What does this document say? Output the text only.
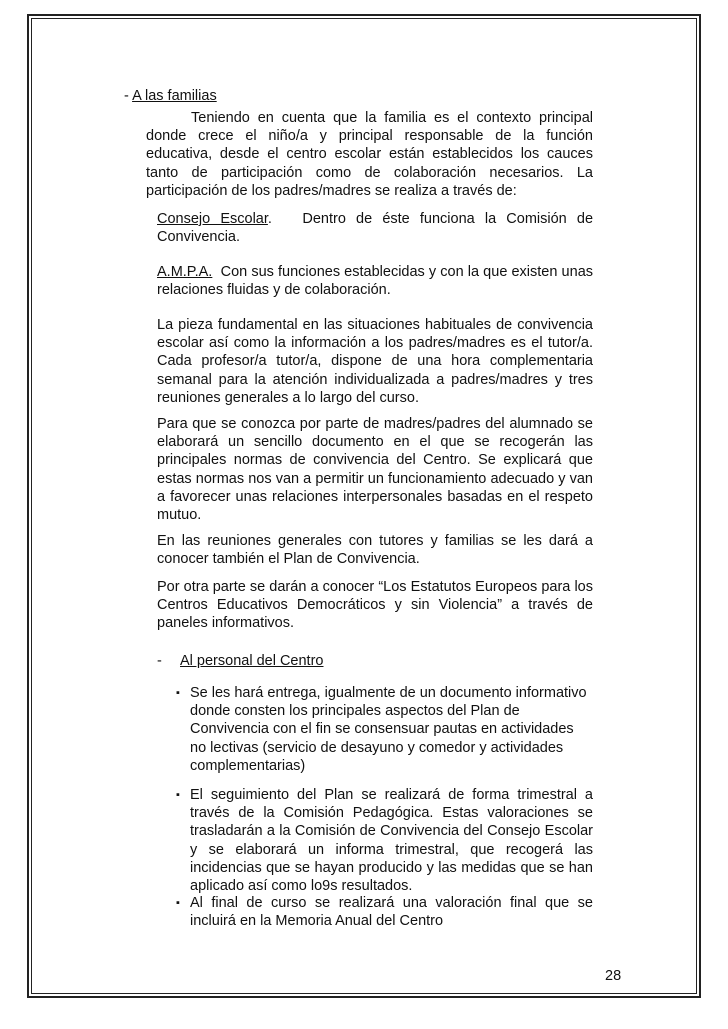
- A las familias
Teniendo en cuenta que la familia es el contexto principal donde crece el niño/a y principal responsable de la función educativa, desde el centro escolar están establecidos los cauces tanto de participación como de colaboración necesarios. La participación de los padres/madres se realiza a través de:
Consejo Escolar. Dentro de éste funciona la Comisión de Convivencia.
A.M.P.A. Con sus funciones establecidas y con la que existen unas relaciones fluidas y de colaboración.
La pieza fundamental en las situaciones habituales de convivencia escolar así como la información a los padres/madres es el tutor/a. Cada profesor/a tutor/a, dispone de una hora complementaria semanal para la atención individualizada a padres/madres y tres reuniones generales a lo largo del curso.
Para que se conozca por parte de madres/padres del alumnado se elaborará un sencillo documento en el que se recogerán las principales normas de convivencia del Centro. Se explicará que estas normas nos van a permitir un funcionamiento adecuado y van a favorecer unas relaciones interpersonales basadas en el respeto mutuo.
En las reuniones generales con tutores y familias se les dará a conocer también el Plan de Convivencia.
Por otra parte se darán a conocer “Los Estatutos Europeos para los Centros Educativos Democráticos y sin Violencia” a través de paneles informativos.
- Al personal del Centro
▪ Se les hará entrega, igualmente de un documento informativo donde consten los principales aspectos del Plan de Convivencia con el fin se consensuar pautas en actividades no lectivas (servicio de desayuno y comedor y actividades complementarias)
▪ El seguimiento del Plan se realizará de forma trimestral a través de la Comisión Pedagógica. Estas valoraciones se trasladarán a la Comisión de Convivencia del Consejo Escolar y se elaborará un informa trimestral, que recogerá las incidencias que se hayan producido y las medidas que se han aplicado así como lo9s resultados.
▪ Al final de curso se realizará una valoración final que se incluirá en la Memoria Anual del Centro
28
